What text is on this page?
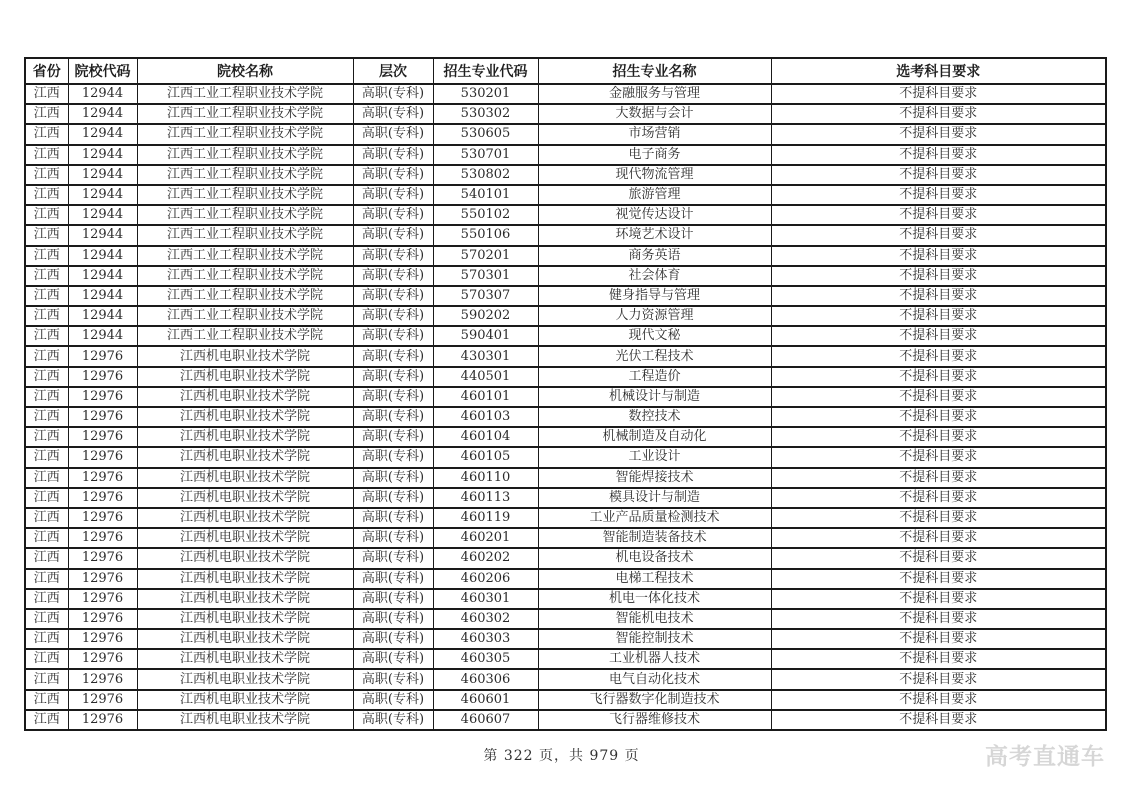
省份	院校代码	院校名称	层次	招生专业代码	招生专业名称	选考科目要求
江西	12944	江西工业工程职业技术学院	高职(专科)	530201	金融服务与管理	不提科目要求
江西	12944	江西工业工程职业技术学院	高职(专科)	530302	大数据与会计	不提科目要求
江西	12944	江西工业工程职业技术学院	高职(专科)	530605	市场营销	不提科目要求
江西	12944	江西工业工程职业技术学院	高职(专科)	530701	电子商务	不提科目要求
江西	12944	江西工业工程职业技术学院	高职(专科)	530802	现代物流管理	不提科目要求
江西	12944	江西工业工程职业技术学院	高职(专科)	540101	旅游管理	不提科目要求
江西	12944	江西工业工程职业技术学院	高职(专科)	550102	视觉传达设计	不提科目要求
江西	12944	江西工业工程职业技术学院	高职(专科)	550106	环境艺术设计	不提科目要求
江西	12944	江西工业工程职业技术学院	高职(专科)	570201	商务英语	不提科目要求
江西	12944	江西工业工程职业技术学院	高职(专科)	570301	社会体育	不提科目要求
江西	12944	江西工业工程职业技术学院	高职(专科)	570307	健身指导与管理	不提科目要求
江西	12944	江西工业工程职业技术学院	高职(专科)	590202	人力资源管理	不提科目要求
江西	12944	江西工业工程职业技术学院	高职(专科)	590401	现代文秘	不提科目要求
江西	12976	江西机电职业技术学院	高职(专科)	430301	光伏工程技术	不提科目要求
江西	12976	江西机电职业技术学院	高职(专科)	440501	工程造价	不提科目要求
江西	12976	江西机电职业技术学院	高职(专科)	460101	机械设计与制造	不提科目要求
江西	12976	江西机电职业技术学院	高职(专科)	460103	数控技术	不提科目要求
江西	12976	江西机电职业技术学院	高职(专科)	460104	机械制造及自动化	不提科目要求
江西	12976	江西机电职业技术学院	高职(专科)	460105	工业设计	不提科目要求
江西	12976	江西机电职业技术学院	高职(专科)	460110	智能焊接技术	不提科目要求
江西	12976	江西机电职业技术学院	高职(专科)	460113	模具设计与制造	不提科目要求
江西	12976	江西机电职业技术学院	高职(专科)	460119	工业产品质量检测技术	不提科目要求
江西	12976	江西机电职业技术学院	高职(专科)	460201	智能制造装备技术	不提科目要求
江西	12976	江西机电职业技术学院	高职(专科)	460202	机电设备技术	不提科目要求
江西	12976	江西机电职业技术学院	高职(专科)	460206	电梯工程技术	不提科目要求
江西	12976	江西机电职业技术学院	高职(专科)	460301	机电一体化技术	不提科目要求
江西	12976	江西机电职业技术学院	高职(专科)	460302	智能机电技术	不提科目要求
江西	12976	江西机电职业技术学院	高职(专科)	460303	智能控制技术	不提科目要求
江西	12976	江西机电职业技术学院	高职(专科)	460305	工业机器人技术	不提科目要求
江西	12976	江西机电职业技术学院	高职(专科)	460306	电气自动化技术	不提科目要求
江西	12976	江西机电职业技术学院	高职(专科)	460601	飞行器数字化制造技术	不提科目要求
江西	12976	江西机电职业技术学院	高职(专科)	460607	飞行器维修技术	不提科目要求
第 322 页，共 979 页	高考直通车
